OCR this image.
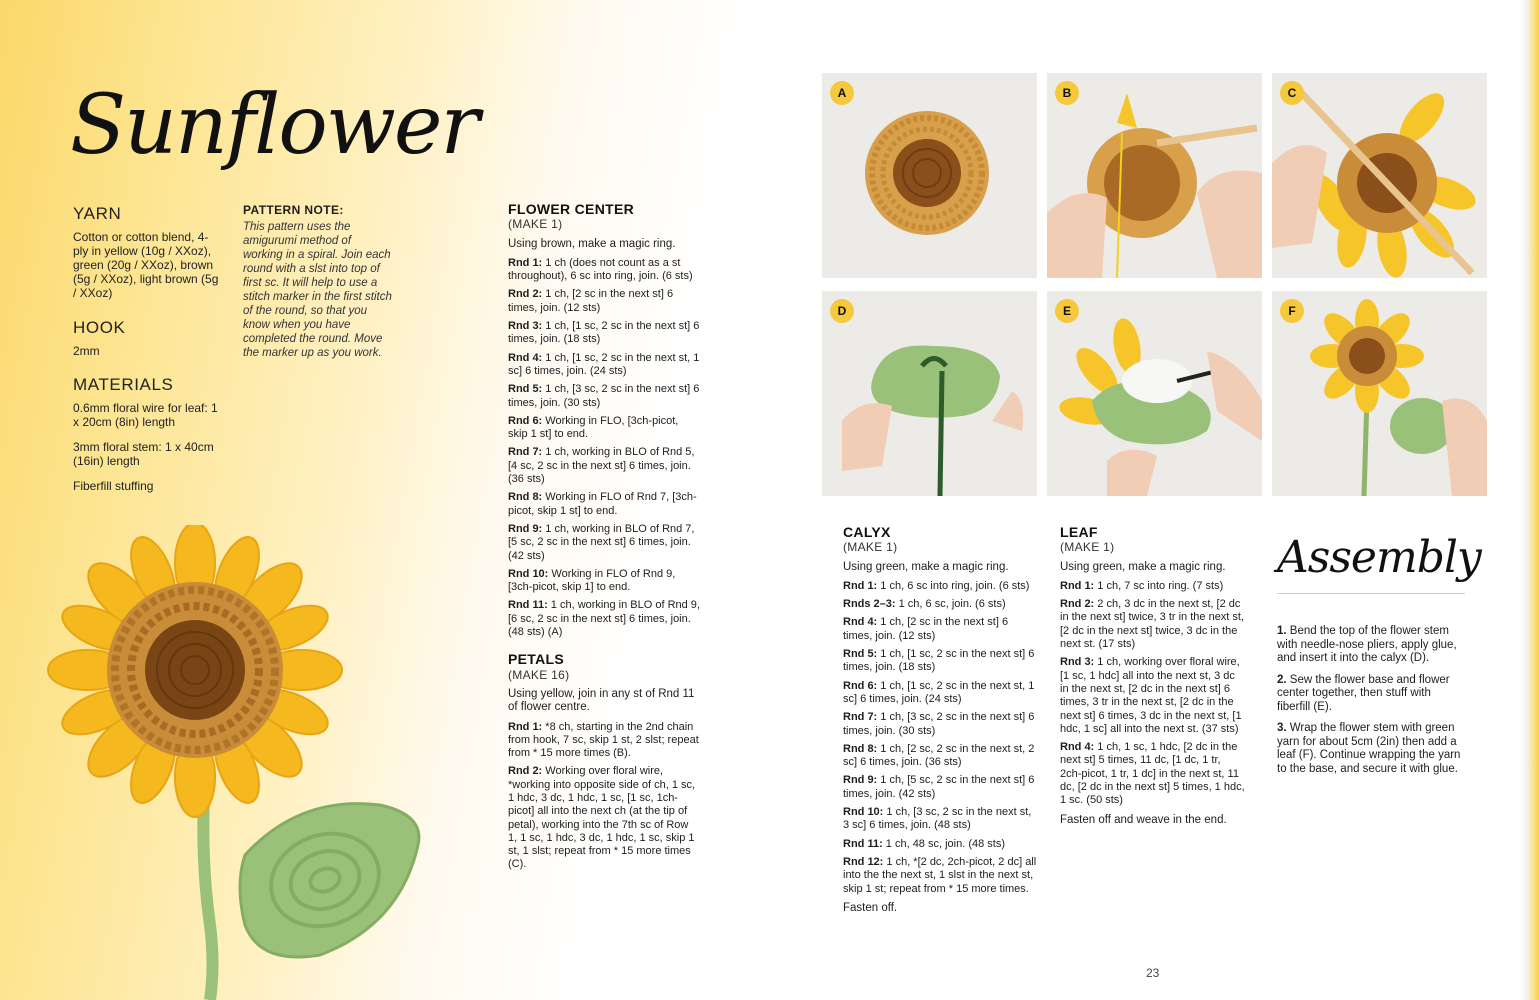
Sunflower
YARN
Cotton or cotton blend, 4-ply in yellow (10g / XXoz), green (20g / XXoz), brown (5g / XXoz), light brown (5g / XXoz)
HOOK
2mm
MATERIALS
0.6mm floral wire for leaf: 1 x 20cm (8in) length
3mm floral stem: 1 x 40cm (16in) length
Fiberfill stuffing
PATTERN NOTE:
This pattern uses the amigurumi method of working in a spiral. Join each round with a slst into top of first sc. It will help to use a stitch marker in the first stitch of the round, so that you know when you have completed the round. Move the marker up as you work.
FLOWER CENTER
(MAKE 1)
Using brown, make a magic ring.
Rnd 1: 1 ch (does not count as a st throughout), 6 sc into ring, join. (6 sts)
Rnd 2: 1 ch, [2 sc in the next st] 6 times, join. (12 sts)
Rnd 3: 1 ch, [1 sc, 2 sc in the next st] 6 times, join. (18 sts)
Rnd 4: 1 ch, [1 sc, 2 sc in the next st, 1 sc] 6 times, join. (24 sts)
Rnd 5: 1 ch, [3 sc, 2 sc in the next st] 6 times, join. (30 sts)
Rnd 6: Working in FLO, [3ch-picot, skip 1 st] to end.
Rnd 7: 1 ch, working in BLO of Rnd 5, [4 sc, 2 sc in the next st] 6 times, join. (36 sts)
Rnd 8: Working in FLO of Rnd 7, [3ch-picot, skip 1 st] to end.
Rnd 9: 1 ch, working in BLO of Rnd 7, [5 sc, 2 sc in the next st] 6 times, join. (42 sts)
Rnd 10: Working in FLO of Rnd 9, [3ch-picot, skip 1] to end.
Rnd 11: 1 ch, working in BLO of Rnd 9, [6 sc, 2 sc in the next st] 6 times, join. (48 sts) (A)
PETALS
(MAKE 16)
Using yellow, join in any st of Rnd 11 of flower centre.
Rnd 1: *8 ch, starting in the 2nd chain from hook, 7 sc, skip 1 st, 2 slst; repeat from * 15 more times (B).
Rnd 2: Working over floral wire, *working into opposite side of ch, 1 sc, 1 hdc, 3 dc, 1 hdc, 1 sc, [1 sc, 1ch-picot] all into the next ch (at the tip of petal), working into the 7th sc of Row 1, 1 sc, 1 hdc, 3 dc, 1 hdc, 1 sc, skip 1 st, 1 slst; repeat from * 15 more times (C).
A	B	C
D	E	F
CALYX
(MAKE 1)
Using green, make a magic ring.
Rnd 1: 1 ch, 6 sc into ring, join. (6 sts)
Rnds 2–3: 1 ch, 6 sc, join. (6 sts)
Rnd 4: 1 ch, [2 sc in the next st] 6 times, join. (12 sts)
Rnd 5: 1 ch, [1 sc, 2 sc in the next st] 6 times, join. (18 sts)
Rnd 6: 1 ch, [1 sc, 2 sc in the next st, 1 sc] 6 times, join. (24 sts)
Rnd 7: 1 ch, [3 sc, 2 sc in the next st] 6 times, join. (30 sts)
Rnd 8: 1 ch, [2 sc, 2 sc in the next st, 2 sc] 6 times, join. (36 sts)
Rnd 9: 1 ch, [5 sc, 2 sc in the next st] 6 times, join. (42 sts)
Rnd 10: 1 ch, [3 sc, 2 sc in the next st, 3 sc] 6 times, join. (48 sts)
Rnd 11: 1 ch, 48 sc, join. (48 sts)
Rnd 12: 1 ch, *[2 dc, 2ch-picot, 2 dc] all into the the next st, 1 slst in the next st, skip 1 st; repeat from * 15 more times.
Fasten off.
LEAF
(MAKE 1)
Using green, make a magic ring.
Rnd 1: 1 ch, 7 sc into ring. (7 sts)
Rnd 2: 2 ch, 3 dc in the next st, [2 dc in the next st] twice, 3 tr in the next st, [2 dc in the next st] twice, 3 dc in the next st. (17 sts)
Rnd 3: 1 ch, working over floral wire, [1 sc, 1 hdc] all into the next st, 3 dc in the next st, [2 dc in the next st] 6 times, 3 tr in the next st, [2 dc in the next st] 6 times, 3 dc in the next st, [1 hdc, 1 sc] all into the next st. (37 sts)
Rnd 4: 1 ch, 1 sc, 1 hdc, [2 dc in the next st] 5 times, 11 dc, [1 dc, 1 tr, 2ch-picot, 1 tr, 1 dc] in the next st, 11 dc, [2 dc in the next st] 5 times, 1 hdc, 1 sc. (50 sts)
Fasten off and weave in the end.
Assembly

1. Bend the top of the flower stem with needle-nose pliers, apply glue, and insert it into the calyx (D).

2. Sew the flower base and flower center together, then stuff with fiberfill (E).

3. Wrap the flower stem with green yarn for about 5cm (2in) then add a leaf (F). Continue wrapping the yarn to the base, and secure it with glue.

23
